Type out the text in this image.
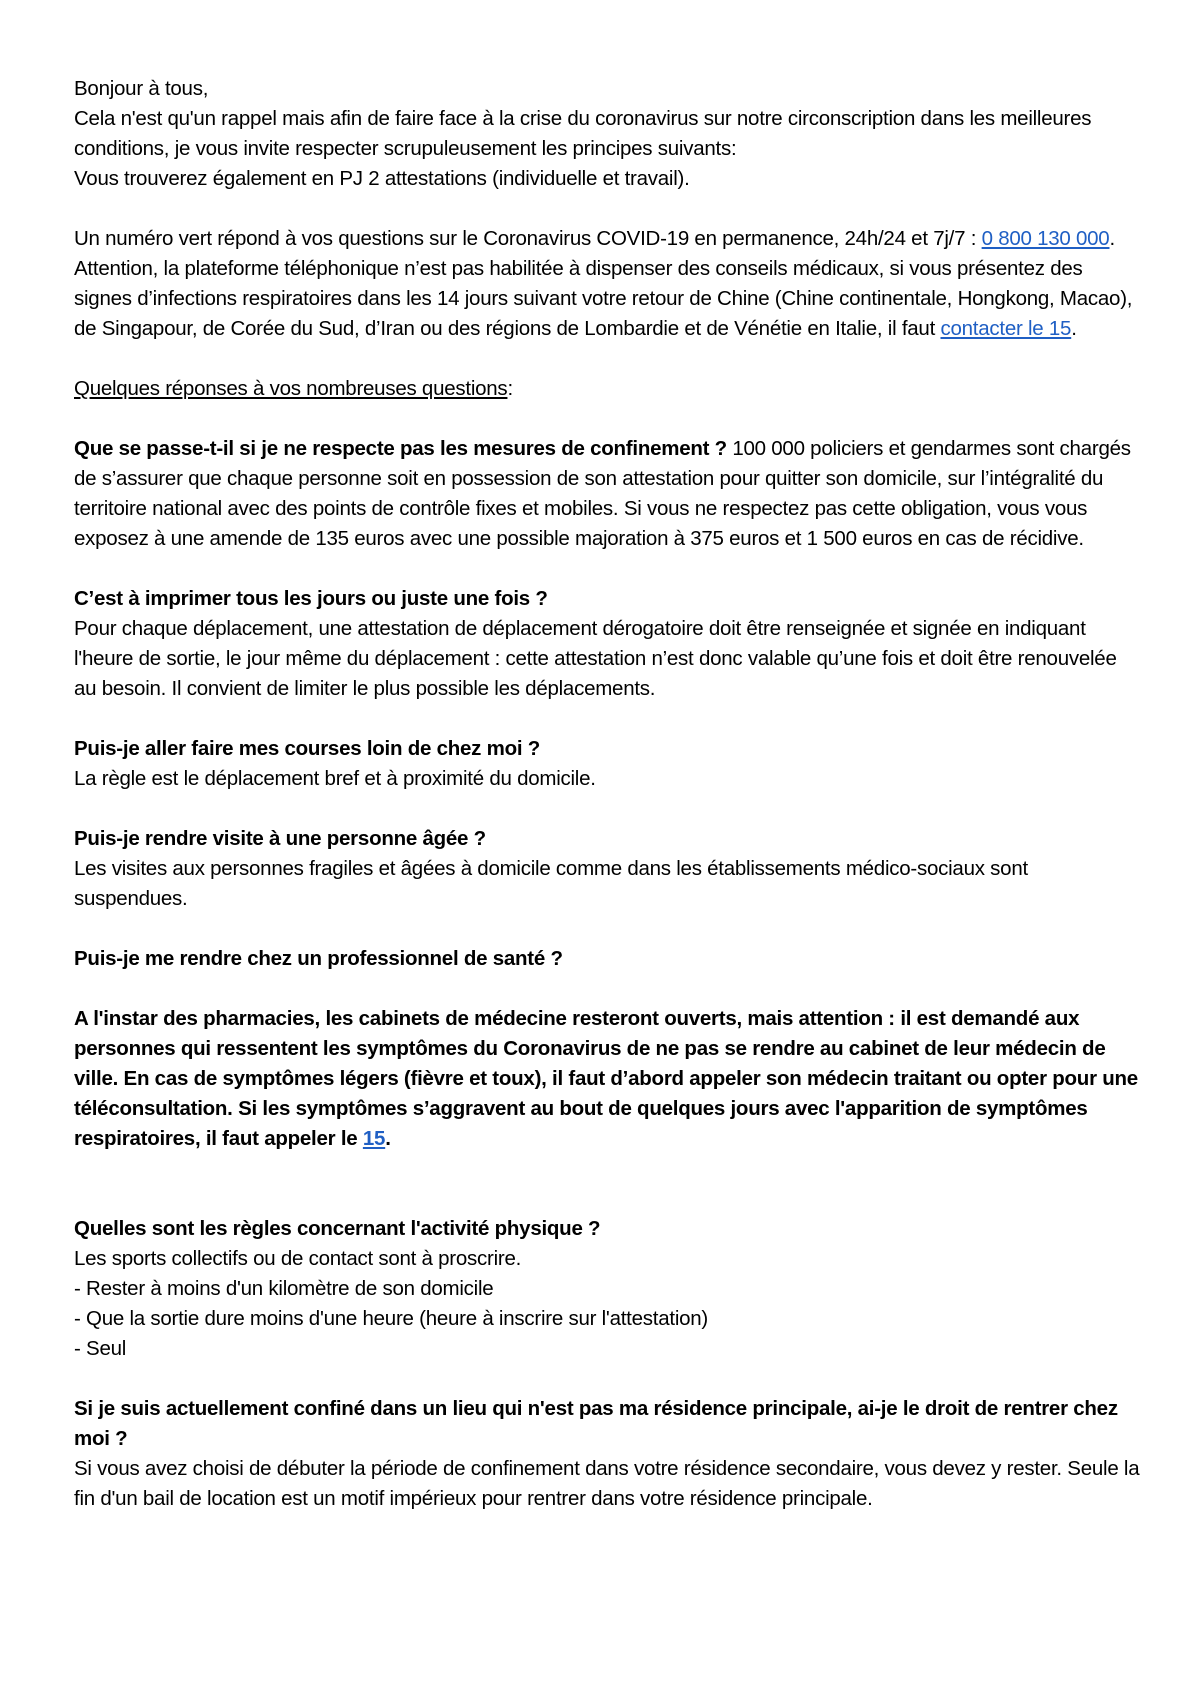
Bonjour à tous,

Cela n'est qu'un rappel mais afin de faire face à la crise du coronavirus sur notre circonscription dans les meilleures conditions, je vous invite respecter scrupuleusement les principes suivants:

Vous trouverez également en PJ 2 attestations (individuelle et travail).

Un numéro vert répond à vos questions sur le Coronavirus COVID-19 en permanence, 24h/24 et 7j/7 : 0 800 130 000.

Attention, la plateforme téléphonique n’est pas habilitée à dispenser des conseils médicaux, si vous présentez des signes d’infections respiratoires dans les 14 jours suivant votre retour de Chine (Chine continentale, Hongkong, Macao), de Singapour, de Corée du Sud, d’Iran ou des régions de Lombardie et de Vénétie en Italie, il faut contacter le 15.

Quelques réponses à vos nombreuses questions:

Que se passe-t-il si je ne respecte pas les mesures de confinement ? 100 000 policiers et gendarmes sont chargés de s’assurer que chaque personne soit en possession de son attestation pour quitter son domicile, sur l’intégralité du territoire national avec des points de contrôle fixes et mobiles. Si vous ne respectez pas cette obligation, vous vous exposez à une amende de 135 euros avec une possible majoration à 375 euros et 1 500 euros en cas de récidive.

C’est à imprimer tous les jours ou juste une fois ?

Pour chaque déplacement, une attestation de déplacement dérogatoire doit être renseignée et signée en indiquant l'heure de sortie, le jour même du déplacement : cette attestation n’est donc valable qu’une fois et doit être renouvelée au besoin. Il convient de limiter le plus possible les déplacements.

Puis-je aller faire mes courses loin de chez moi ?

La règle est le déplacement bref et à proximité du domicile.

Puis-je rendre visite à une personne âgée ?

Les visites aux personnes fragiles et âgées à domicile comme dans les établissements médico-sociaux sont suspendues.

Puis-je me rendre chez un professionnel de santé ?

A l'instar des pharmacies, les cabinets de médecine resteront ouverts, mais attention : il est demandé aux personnes qui ressentent les symptômes du Coronavirus de ne pas se rendre au cabinet de leur médecin de ville. En cas de symptômes légers (fièvre et toux), il faut d’abord appeler son médecin traitant ou opter pour une téléconsultation. Si les symptômes s’aggravent au bout de quelques jours avec l'apparition de symptômes respiratoires, il faut appeler le 15.

Quelles sont les règles concernant l'activité physique ?

Les sports collectifs ou de contact sont à proscrire.

- Rester à moins d'un kilomètre de son domicile

- Que la sortie dure moins d'une heure (heure à inscrire sur l'attestation)

- Seul

Si je suis actuellement confiné dans un lieu qui n'est pas ma résidence principale, ai-je le droit de rentrer chez moi ?

Si vous avez choisi de débuter la période de confinement dans votre résidence secondaire, vous devez y rester. Seule la fin d'un bail de location est un motif impérieux pour rentrer dans votre résidence principale.
